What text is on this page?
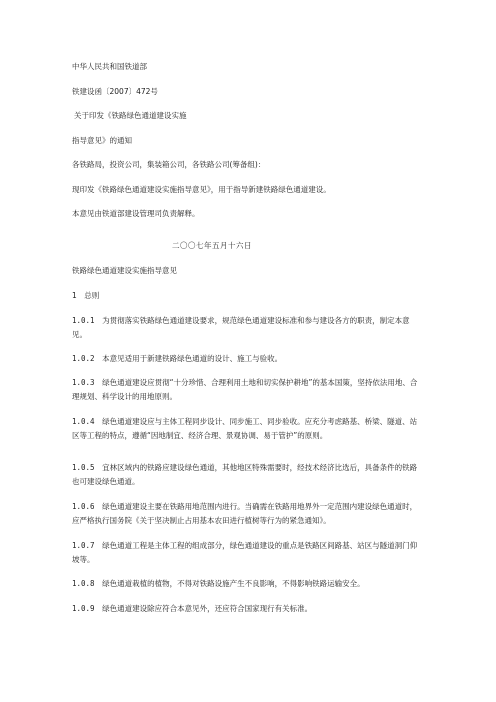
中华人民共和国铁道部
铁建设函〔2007〕472号
关于印发《铁路绿色通道建设实施
指导意见》的通知
各铁路局，投资公司，集装箱公司，各铁路公司(筹备组)：
现印发《铁路绿色通道建设实施指导意见》，用于指导新建铁路绿色通道建设。
本意见由铁道部建设管理司负责解释。
二〇〇七年五月十六日
铁路绿色通道建设实施指导意见
1　总则
1.0.1　 为贯彻落实铁路绿色通道建设要求，规范绿色通道建设标准和参与建设各方的职责，制定本意见。
1.0.2　 本意见适用于新建铁路绿色通道的设计、施工与验收。
1.0.3　 绿色通道建设应贯彻“十分珍惜、合理利用土地和切实保护耕地”的基本国策，坚持依法用地、合理规划、科学设计的用地原则。
1.0.4　 绿色通道建设应与主体工程同步设计、同步施工、同步验收。应充分考虑路基、桥梁、隧道、站区等工程的特点，遵循“因地制宜、经济合理、景观协调、易于管护”的原则。
1.0.5　 宜林区域内的铁路应建设绿色通道，其他地区特殊需要时，经技术经济比选后，具备条件的铁路也可建设绿色通道。
1.0.6　 绿色通道建设主要在铁路用地范围内进行。当确需在铁路用地界外一定范围内建设绿色通道时，应严格执行国务院《关于坚决制止占用基本农田进行植树等行为的紧急通知》。
1.0.7　 绿色通道工程是主体工程的组成部分，绿色通道建设的重点是铁路区间路基、站区与隧道洞门仰坡等。
1.0.8　 绿色通道栽植的植物，不得对铁路设施产生不良影响，不得影响铁路运输安全。
1.0.9　 绿色通道建设除应符合本意见外，还应符合国家现行有关标准。
